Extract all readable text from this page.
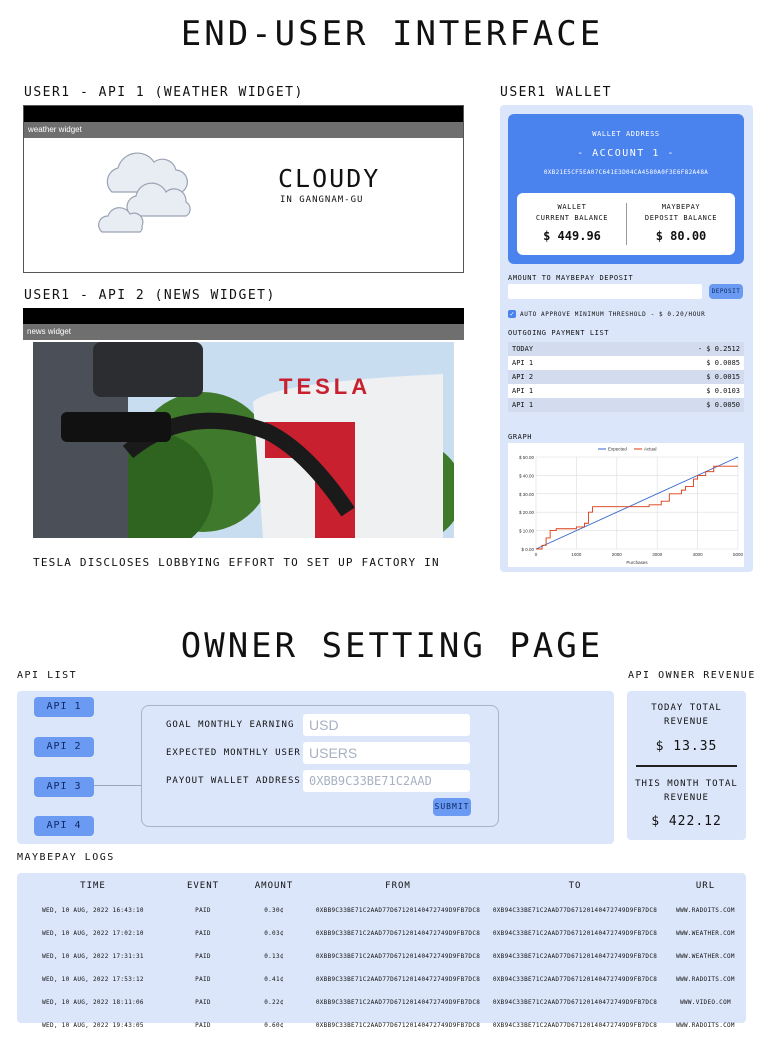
END-USER INTERFACE
USER1 - API 1 (WEATHER WIDGET)
weather widget
CLOUDY
IN GANGNAM-GU
USER1 - API 2 (NEWS WIDGET)
news widget
TESLA
TESLA DISCLOSES LOBBYING EFFORT TO SET UP FACTORY IN
USER1 WALLET
WALLET ADDRESS
- ACCOUNT 1 -
0XB21E5CF5EA07C641E3D04CA4580A0F3E6F82A48A
WALLET
CURRENT BALANCE
$ 449.96
MAYBEPAY
DEPOSIT BALANCE
$ 80.00
AMOUNT TO MAYBEPAY DEPOSIT
DEPOSIT
✓ AUTO APPROVE MINIMUM THRESHOLD - $ 0.20/HOUR
OUTGOING PAYMENT LIST
TODAY	- $ 0.2512
API 1	$ 0.0085
API 2	$ 0.0015
API 1	$ 0.0103
API 1	$ 0.0050
GRAPH
$ 0.00
$ 10.00
$ 20.00
$ 30.00
$ 40.00
$ 50.00
0	1000	2000	3000	4000	5000
Purchases
Expected	Actual
OWNER SETTING PAGE
API LIST
API 1
API 2
API 3
API 4
GOAL MONTHLY EARNING	USD
EXPECTED MONTHLY USER USERS
PAYOUT WALLET ADDRESS 0XBB9C33BE71C2AAD
SUBMIT
API OWNER REVENUE
TODAY TOTAL REVENUE
$ 13.35
THIS MONTH TOTAL REVENUE
$ 422.12
MAYBEPAY LOGS
TIME	EVENT	AMOUNT	FROM	TO	URL
WED, 10 AUG, 2022 16:43:10	PAID	0.30¢	0XBB9C33BE71C2AAD77D67120140472749D9FB7DC8	0XB94C33BE71C2AAD77D67120140472749D9FB7DC8	WWW.RADOITS.COM
WED, 10 AUG, 2022 17:02:10	PAID	0.03¢	0XBB9C33BE71C2AAD77D67120140472749D9FB7DC8	0XB94C33BE71C2AAD77D67120140472749D9FB7DC8	WWW.WEATHER.COM
WED, 10 AUG, 2022 17:31:31	PAID	0.13¢	0XBB9C33BE71C2AAD77D67120140472749D9FB7DC8	0XB94C33BE71C2AAD77D67120140472749D9FB7DC8	WWW.WEATHER.COM
WED, 10 AUG, 2022 17:53:12	PAID	0.41¢	0XBB9C33BE71C2AAD77D67120140472749D9FB7DC8	0XB94C33BE71C2AAD77D67120140472749D9FB7DC8	WWW.RADOITS.COM
WED, 10 AUG, 2022 18:11:06	PAID	0.22¢	0XBB9C33BE71C2AAD77D67120140472749D9FB7DC8	0XB94C33BE71C2AAD77D67120140472749D9FB7DC8	WWW.VIDEO.COM
WED, 10 AUG, 2022 19:43:05	PAID	0.60¢	0XBB9C33BE71C2AAD77D67120140472749D9FB7DC8	0XB94C33BE71C2AAD77D67120140472749D9FB7DC8	WWW.RADOITS.COM
